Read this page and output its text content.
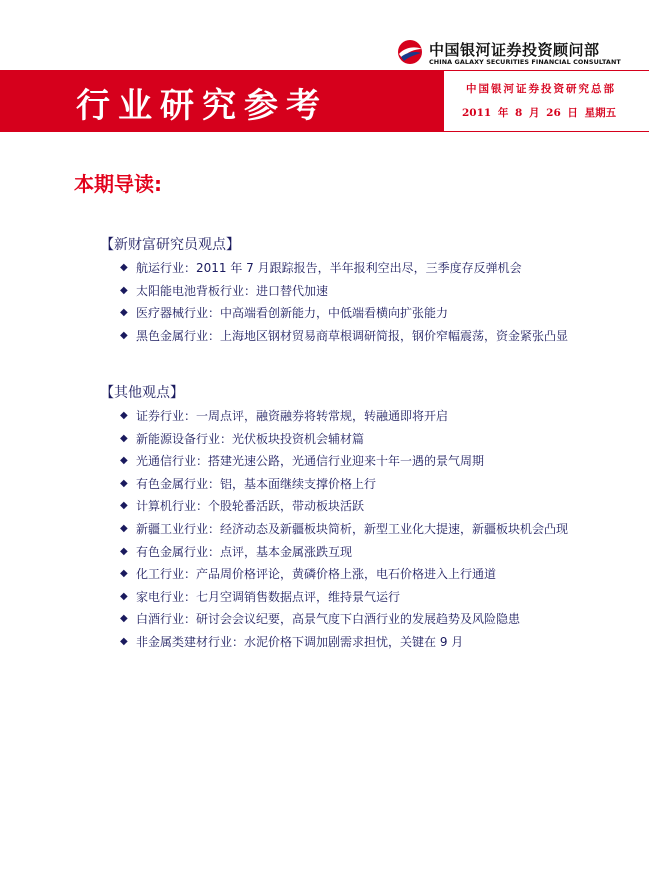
中国银河证券投资顾问部
CHINA GALAXY SECURITIES FINANCIAL CONSULTANT
行业研究参考	中国银河证券投资研究总部
2011 年 8 月 26 日 星期五
本期导读:
【新财富研究员观点】
◆ 航运行业：2011 年 7 月跟踪报告，半年报利空出尽，三季度存反弹机会
◆ 太阳能电池背板行业：进口替代加速
◆ 医疗器械行业：中高端看创新能力，中低端看横向扩张能力
◆ 黑色金属行业：上海地区钢材贸易商草根调研简报，钢价窄幅震荡，资金紧张凸显
【其他观点】
◆ 证券行业：一周点评，融资融券将转常规，转融通即将开启
◆ 新能源设备行业：光伏板块投资机会辅材篇
◆ 光通信行业：搭建光速公路，光通信行业迎来十年一遇的景气周期
◆ 有色金属行业：铝，基本面继续支撑价格上行
◆ 计算机行业：个股轮番活跃，带动板块活跃
◆ 新疆工业行业：经济动态及新疆板块简析，新型工业化大提速，新疆板块机会凸现
◆ 有色金属行业：点评，基本金属涨跌互现
◆ 化工行业：产品周价格评论，黄磷价格上涨，电石价格进入上行通道
◆ 家电行业：七月空调销售数据点评，维持景气运行
◆ 白酒行业：研讨会会议纪要，高景气度下白酒行业的发展趋势及风险隐患
◆ 非金属类建材行业：水泥价格下调加剧需求担忧，关键在 9 月
